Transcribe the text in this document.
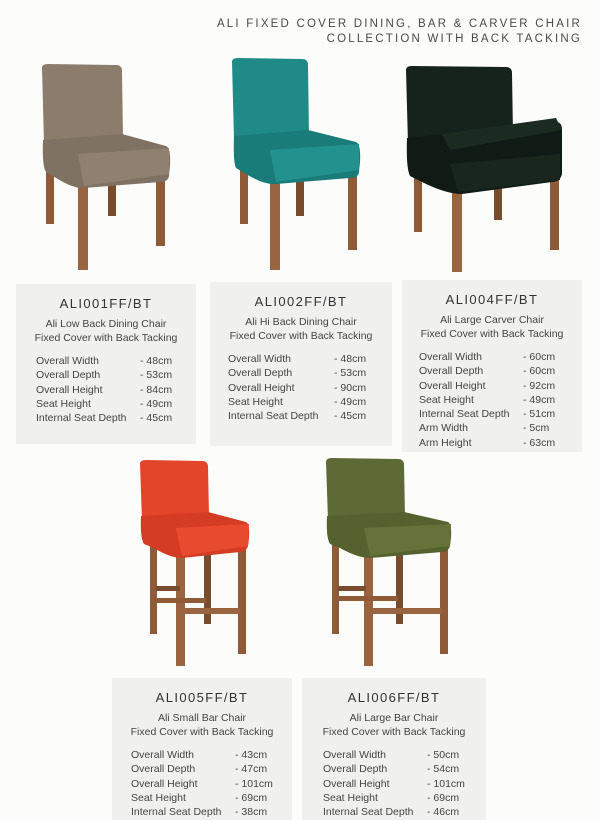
ALI FIXED COVER DINING, BAR & CARVER CHAIR
COLLECTION WITH BACK TACKING
ALI001FF/BT
Ali Low Back Dining Chair
Fixed Cover with Back Tacking
Overall Width	- 48cm
Overall Depth	- 53cm
Overall Height	- 84cm
Seat Height	- 49cm
Internal Seat Depth - 45cm
ALI002FF/BT
Ali Hi Back Dining Chair
Fixed Cover with Back Tacking
Overall Width	- 48cm
Overall Depth	- 53cm
Overall Height	- 90cm
Seat Height	- 49cm
Internal Seat Depth - 45cm
ALI004FF/BT
Ali Large Carver Chair
Fixed Cover with Back Tacking
Overall Width	- 60cm
Overall Depth	- 60cm
Overall Height	- 92cm
Seat Height	- 49cm
Internal Seat Depth - 51cm
Arm Width	- 5cm
Arm Height	- 63cm
ALI005FF/BT
Ali Small Bar Chair
Fixed Cover with Back Tacking
Overall Width	- 43cm
Overall Depth	- 47cm
Overall Height	- 101cm
Seat Height	- 69cm
Internal Seat Depth - 38cm
ALI006FF/BT
Ali Large Bar Chair
Fixed Cover with Back Tacking
Overall Width	- 50cm
Overall Depth	- 54cm
Overall Height	- 101cm
Seat Height	- 69cm
Internal Seat Depth - 46cm
